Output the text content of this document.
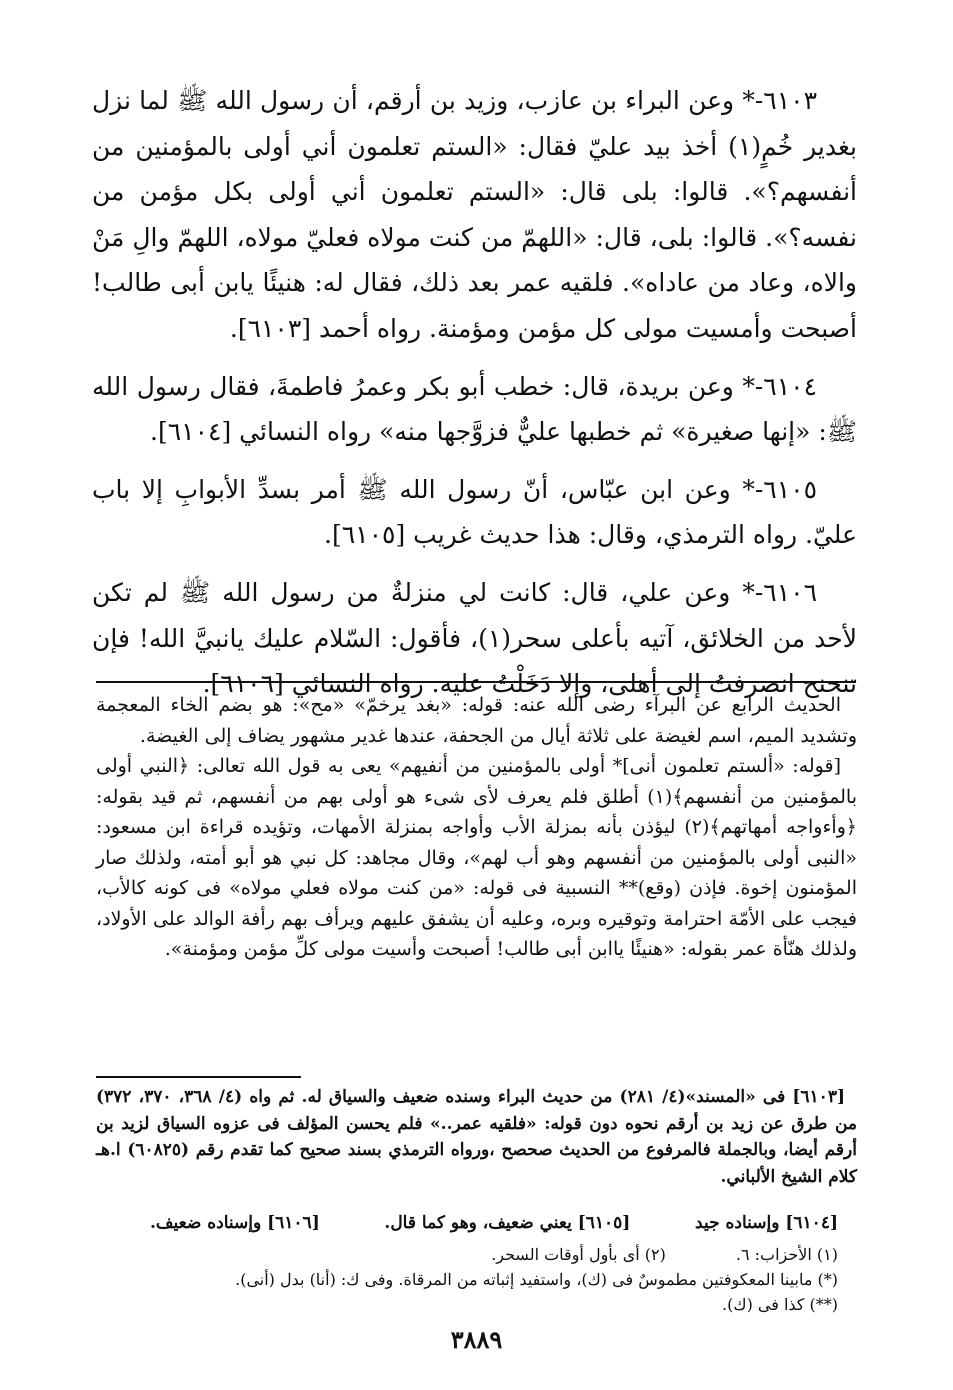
٦١٠٣-* وعن البراء بن عازب، وزيد بن أرقم، أن رسول الله ﷺ لما نزل بغدير خُمٍ(١) أخذ بيد عليّ فقال: «الستم تعلمون أني أولى بالمؤمنين من أنفسهم؟». قالوا: بلى قال: «الستم تعلمون أني أولى بكل مؤمن من نفسه؟». قالوا: بلى، قال: «اللهمّ من كنت مولاه فعليّ مولاه، اللهمّ والِ مَنْ والاه، وعاد من عاداه». فلقيه عمر بعد ذلك، فقال له: هنيئًا يابن أبى طالب! أصبحت وأمسيت مولى كل مؤمن ومؤمنة. رواه أحمد [٦١٠٣].

٦١٠٤-* وعن بريدة، قال: خطب أبو بكر وعمرُ فاطمةَ، فقال رسول الله ﷺ: «إنها صغيرة» ثم خطبها عليٌّ فزوَّجها منه» رواه النسائي [٦١٠٤].

٦١٠٥-* وعن ابن عبّاس، أنّ رسول الله ﷺ أمر بسدِّ الأبوابِ إلا باب عليّ. رواه الترمذي، وقال: هذا حديث غريب [٦١٠٥].

٦١٠٦-* وعن علي، قال: كانت لي منزلةٌ من رسول الله ﷺ لم تكن لأحد من الخلائق، آتيه بأعلى سحر(١)، فأقول: السّلام عليك يانبيَّ الله! فإن تنحنح انصرفتُ إلى أهلى، وإلا دَخَلْتُ عليه. رواه النسائي [٦١٠٦].

الحديث الرابع عن البرآء رضى الله عنه: قوله: «بغد يرخمّ» «مح»: هو بضم الخاء المعجمة وتشديد الميم، اسم لغيضة على ثلاثة أيال من الجحفة، عندها غدير مشهور يضاف إلى الغيضة.

[قوله: «ألستم تعلمون أنى]* أولى بالمؤمنين من أنفيهم» يعى به قول الله تعالى: ﴿النبي أولى بالمؤمنين من أنفسهم﴾(١) أطلق فلم يعرف لأى شىء هو أولى بهم من أنفسهم، ثم قيد بقوله: ﴿وأءواجه أمهاتهم﴾(٢) ليؤذن بأنه بمزلة الأب وأواجه بمنزلة الأمهات، وتؤيده قراءة ابن مسعود: «النبى أولى بالمؤمنين من أنفسهم وهو أب لهم»، وقال مجاهد: كل نبي هو أبو أمته، ولذلك صار المؤمنون إخوة. فإذن (وقع)** النسبية فى قوله: «من كنت مولاه فعلي مولاه» فى كونه كالأب، فيجب على الأمّة احترامة وتوقيره وبره، وعليه أن يشفق عليهم ويرأف بهم رأفة الوالد على الأولاد، ولذلك هنّأة عمر بقوله: «هنيئًا ياابن أبى طالب! أصبحت وأسيت مولى كلِّ مؤمن ومؤمنة».

[٦١٠٣] فى «المسند»(٤/ ٢٨١) من حديث البراء وسنده ضعيف والسياق له. ثم واه (٤/ ٣٦٨، ٣٧٠، ٣٧٢) من طرق عن زيد بن أرقم نحوه دون قوله: «فلقيه عمر..» فلم يحسن المؤلف فى عزوه السياق لزيد بن أرقم أيضا، وبالجملة فالمرفوع من الحديث صحصح ،ورواه الترمذي بسند صحيح كما تقدم رقم (٦٠٨٢٥) ا.هـ كلام الشيخ الألباني.

[٦١٠٤] وإسناده جيد
[٦١٠٥] يعني ضعيف، وهو كما قال.
[٦١٠٦] وإسناده ضعيف.
(١) الأحزاب: ٦.
(٢) أى بأول أوقات السحر.
(*) مابينا المعكوفتين مطموسٌ فى (ك)، واستفيد إثباته من المرقاة. وفى ك: (أنا) بدل (أنى).
(**) كذا فى (ك).
٣٨٨٩
